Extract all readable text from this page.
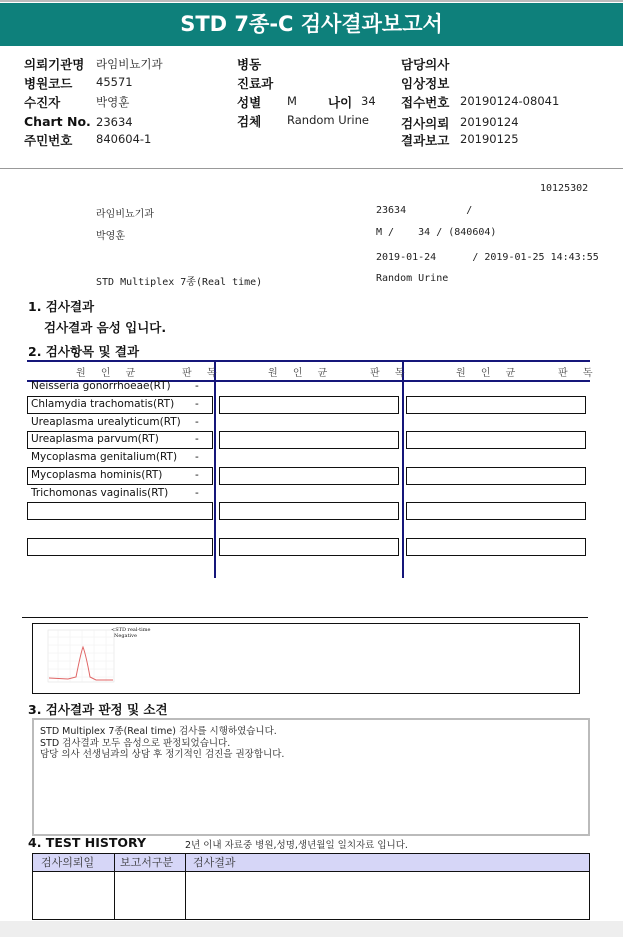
STD 7종-C 검사결과보고서
의뢰기관명 라임비뇨기과
병원코드 45571
수진자	박영훈
Chart No. 23634
주민번호 840604-1
병동
진료과
성별 M 나이 34
검체 Random Urine
담당의사
임상정보
접수번호 20190124-08041
검사의뢰 20190124
결과보고 20190125
10125302
라임비뇨기과	23634          /
박영훈	M /    34 / (840604)
2019-01-24      / 2019-01-25 14:43:55
STD Multiplex 7종(Real time)	Random Urine
1. 검사결과
검사결과 음성 입니다.
2. 검사항목 및 결과
원 인 균	판 독	원 인 균	판 독	원 인 균	판 독
Neisseria gonorrhoeae(RT) -
Chlamydia trachomatis(RT) -
Ureaplasma urealyticum(RT) -
Ureaplasma parvum(RT)	-
Mycoplasma genitalium(RT) -
Mycoplasma hominis(RT)	-
Trichomonas vaginalis(RT)	-
<STD real-time
Negative
3. 검사결과 판정 및 소견
STD Multiplex 7종(Real time) 검사를 시행하였습니다.
STD 검사결과 모두 음성으로 판정되었습니다.
담당 의사 선생님과의 상담 후 정기적인 검진을 권장합니다.
4. TEST HISTORY	2년 이내 자료중 병원,성명,생년월일 일치자료 입니다.
검사의뢰일 보고서구분 검사결과
